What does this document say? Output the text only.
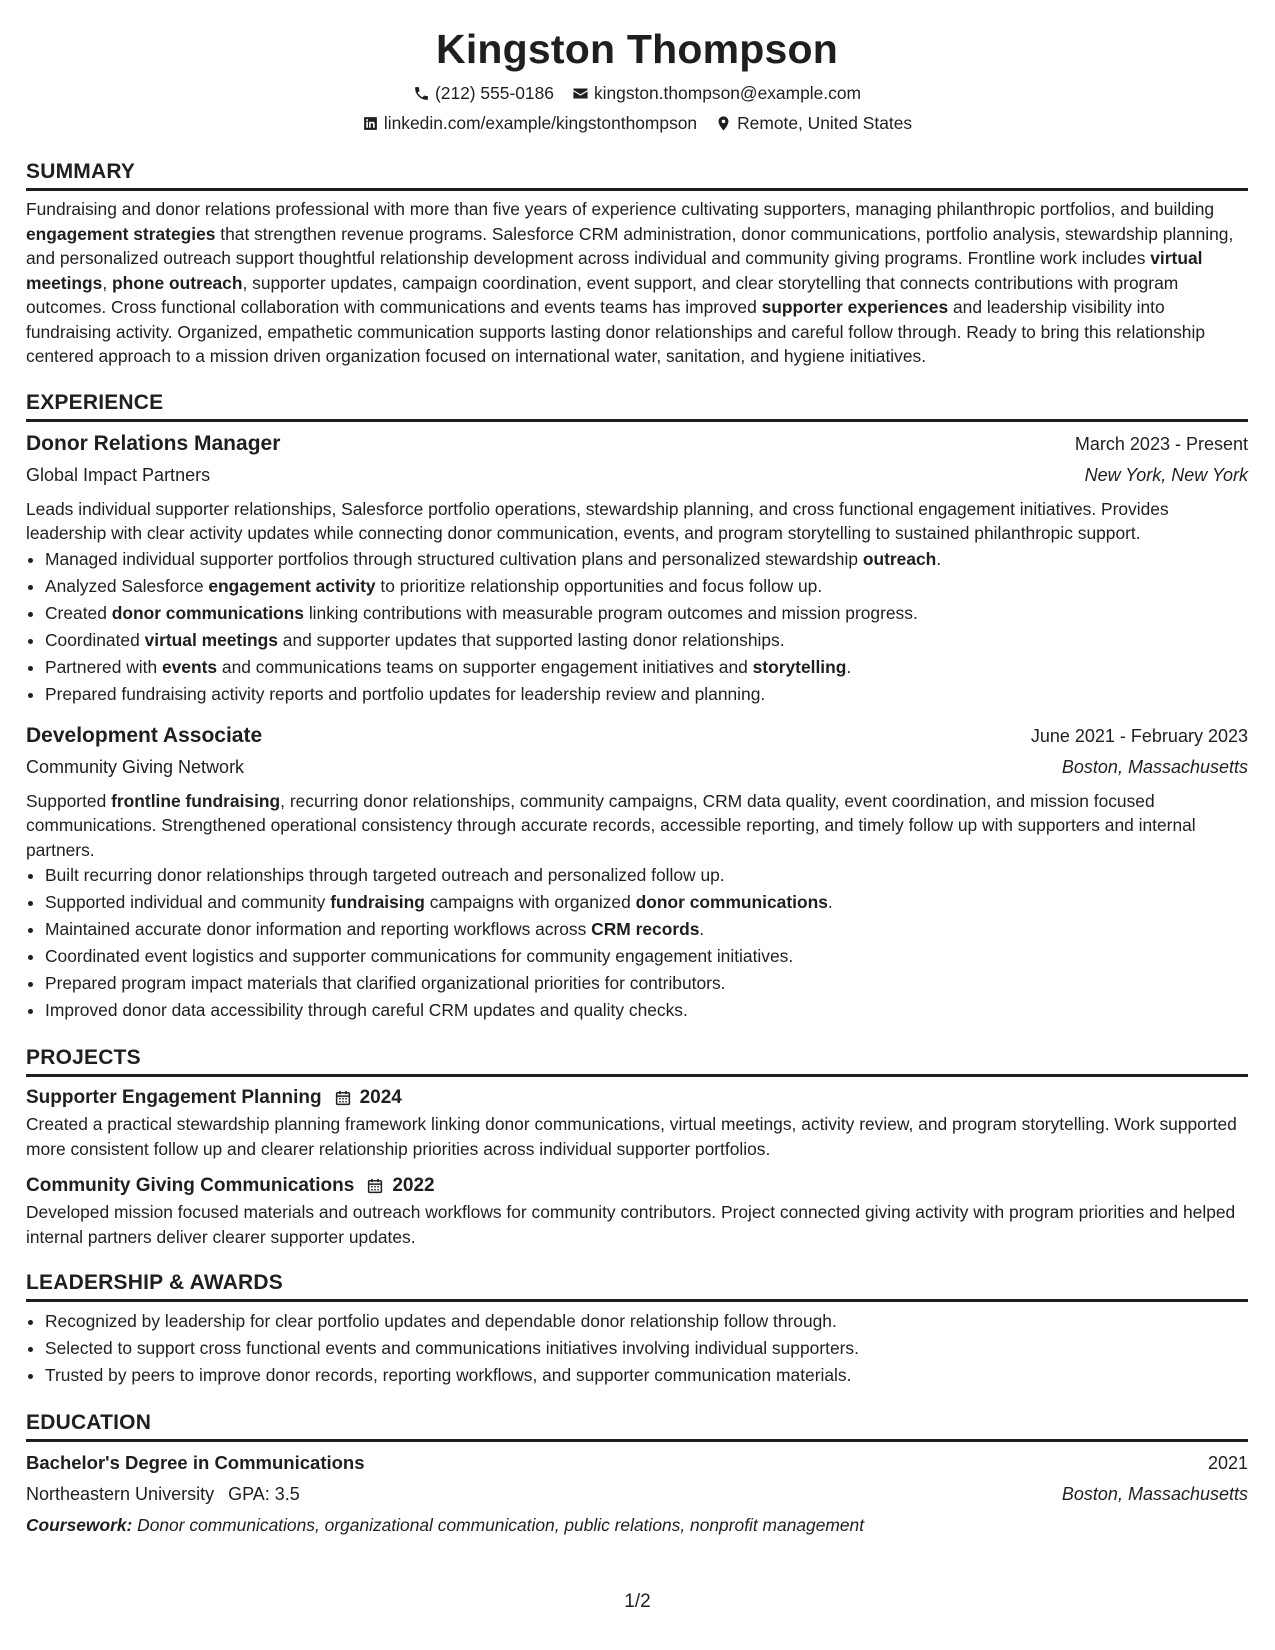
Kingston Thompson
(212) 555-0186 kingston.thompson@example.com
linkedin.com/example/kingstonthompson Remote, United States
SUMMARY

Fundraising and donor relations professional with more than five years of experience cultivating supporters, managing philanthropic portfolios, and building engagement strategies that strengthen revenue programs. Salesforce CRM administration, donor communications, portfolio analysis, stewardship planning, and personalized outreach support thoughtful relationship development across individual and community giving programs. Frontline work includes virtual meetings, phone outreach, supporter updates, campaign coordination, event support, and clear storytelling that connects contributions with program outcomes. Cross functional collaboration with communications and events teams has improved supporter experiences and leadership visibility into fundraising activity. Organized, empathetic communication supports lasting donor relationships and careful follow through. Ready to bring this relationship centered approach to a mission driven organization focused on international water, sanitation, and hygiene initiatives.

EXPERIENCE
Donor Relations Manager	March 2023 - Present
Global Impact Partners	New York, New York

Leads individual supporter relationships, Salesforce portfolio operations, stewardship planning, and cross functional engagement initiatives. Provides leadership with clear activity updates while connecting donor communication, events, and program storytelling to sustained philanthropic support.

• Managed individual supporter portfolios through structured cultivation plans and personalized stewardship outreach.
• Analyzed Salesforce engagement activity to prioritize relationship opportunities and focus follow up.
• Created donor communications linking contributions with measurable program outcomes and mission progress.
• Coordinated virtual meetings and supporter updates that supported lasting donor relationships.
• Partnered with events and communications teams on supporter engagement initiatives and storytelling.
• Prepared fundraising activity reports and portfolio updates for leadership review and planning.
Development Associate	June 2021 - February 2023
Community Giving Network	Boston, Massachusetts

Supported frontline fundraising, recurring donor relationships, community campaigns, CRM data quality, event coordination, and mission focused communications. Strengthened operational consistency through accurate records, accessible reporting, and timely follow up with supporters and internal partners.

• Built recurring donor relationships through targeted outreach and personalized follow up.
• Supported individual and community fundraising campaigns with organized donor communications.
• Maintained accurate donor information and reporting workflows across CRM records.
• Coordinated event logistics and supporter communications for community engagement initiatives.
• Prepared program impact materials that clarified organizational priorities for contributors.
• Improved donor data accessibility through careful CRM updates and quality checks.
PROJECTS
Supporter Engagement Planning 2024

Created a practical stewardship planning framework linking donor communications, virtual meetings, activity review, and program storytelling. Work supported more consistent follow up and clearer relationship priorities across individual supporter portfolios.

Community Giving Communications 2022

Developed mission focused materials and outreach workflows for community contributors. Project connected giving activity with program priorities and helped internal partners deliver clearer supporter updates.

LEADERSHIP & AWARDS
• Recognized by leadership for clear portfolio updates and dependable donor relationship follow through.
• Selected to support cross functional events and communications initiatives involving individual supporters.
• Trusted by peers to improve donor records, reporting workflows, and supporter communication materials.
EDUCATION
Bachelor's Degree in Communications	2021
Northeastern University GPA: 3.5	Boston, Massachusetts
Coursework: Donor communications, organizational communication, public relations, nonprofit management
1/2
